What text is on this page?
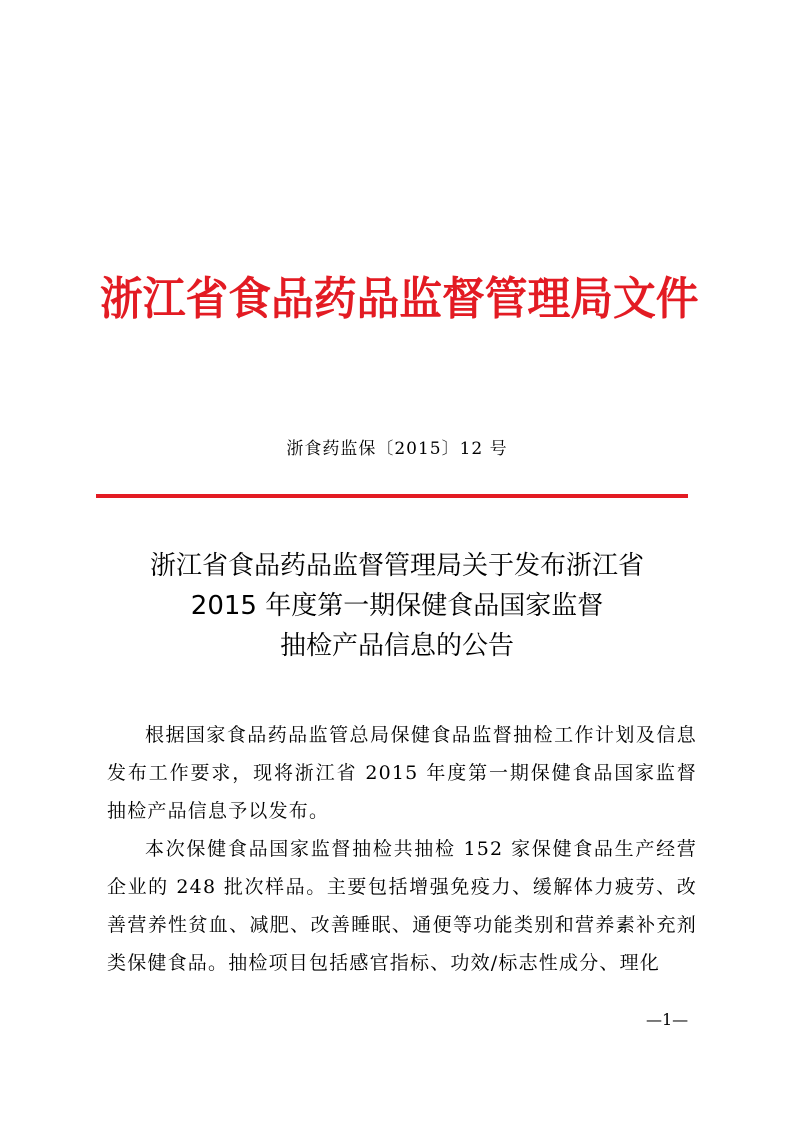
浙江省食品药品监督管理局文件
浙食药监保〔2015〕12 号
浙江省食品药品监督管理局关于发布浙江省
2015 年度第一期保健食品国家监督
抽检产品信息的公告

根据国家食品药品监管总局保健食品监督抽检工作计划及信息发布工作要求，现将浙江省 2015 年度第一期保健食品国家监督抽检产品信息予以发布。

本次保健食品国家监督抽检共抽检 152 家保健食品生产经营企业的 248 批次样品。主要包括增强免疫力、缓解体力疲劳、改善营养性贫血、减肥、改善睡眠、通便等功能类别和营养素补充剂类保健食品。抽检项目包括感官指标、功效/标志性成分、理化

—1—
